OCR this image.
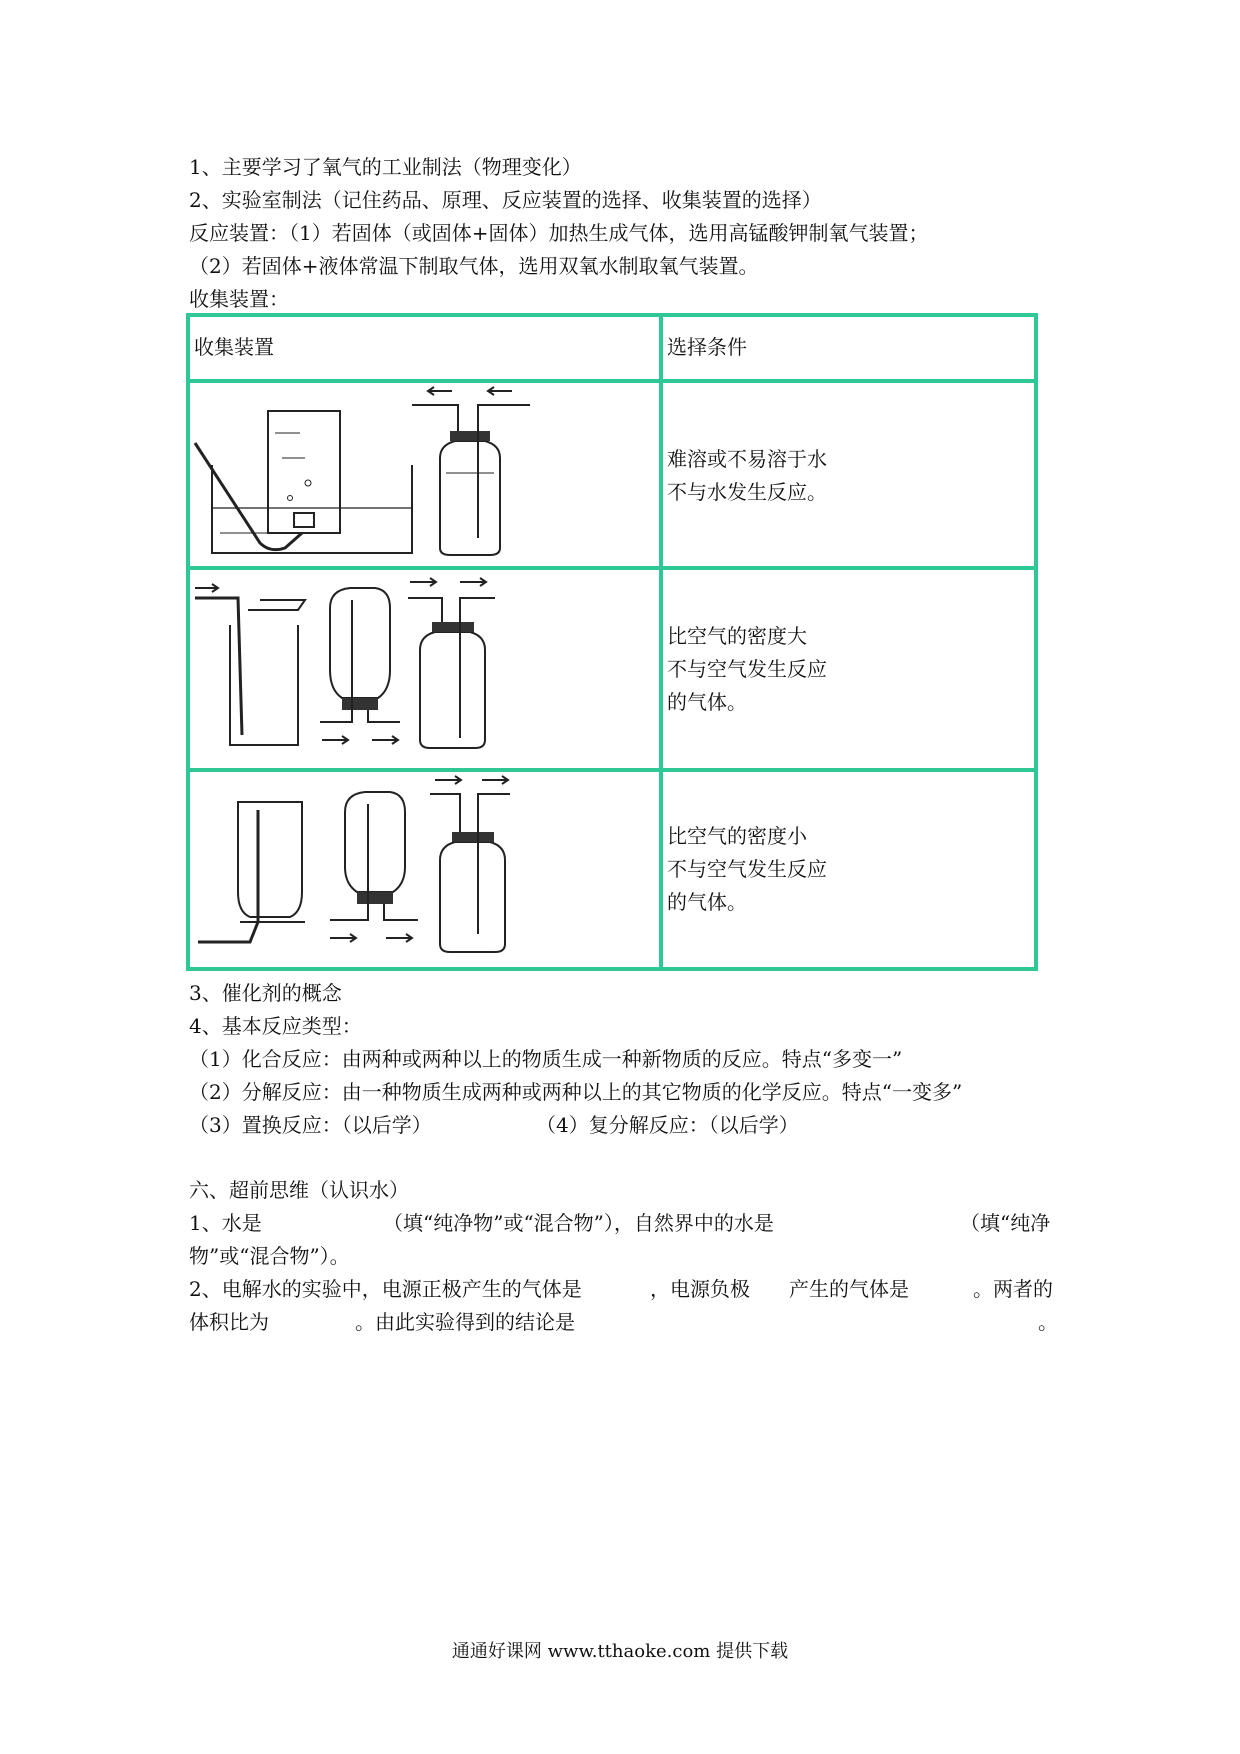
1、主要学习了氧气的工业制法（物理变化）
2、实验室制法（记住药品、原理、反应装置的选择、收集装置的选择）
反应装置：（1）若固体（或固体+固体）加热生成气体，选用高锰酸钾制氧气装置；
（2）若固体+液体常温下制取气体，选用双氧水制取氧气装置。
收集装置：
收集装置	选择条件
难溶或不易溶于水
不与水发生反应。
比空气的密度大
不与空气发生反应
的气体。
比空气的密度小
不与空气发生反应
的气体。
3、催化剂的概念
4、基本反应类型：
（1）化合反应：由两种或两种以上的物质生成一种新物质的反应。特点“多变一”
（2）分解反应：由一种物质生成两种或两种以上的其它物质的化学反应。特点“一变多”
（3）置换反应：（以后学）	（4）复分解反应：（以后学）
六、超前思维（认识水）
1、水是	（填“纯净物”或“混合物”），自然界中的水是	（填“纯净
物”或“混合物”）。
2、电解水的实验中，电源正极产生的气体是	，电源负极 产生的气体是	。两者的
体积比为	。由此实验得到的结论是	。
通通好课网 www.tthaoke.com 提供下载
